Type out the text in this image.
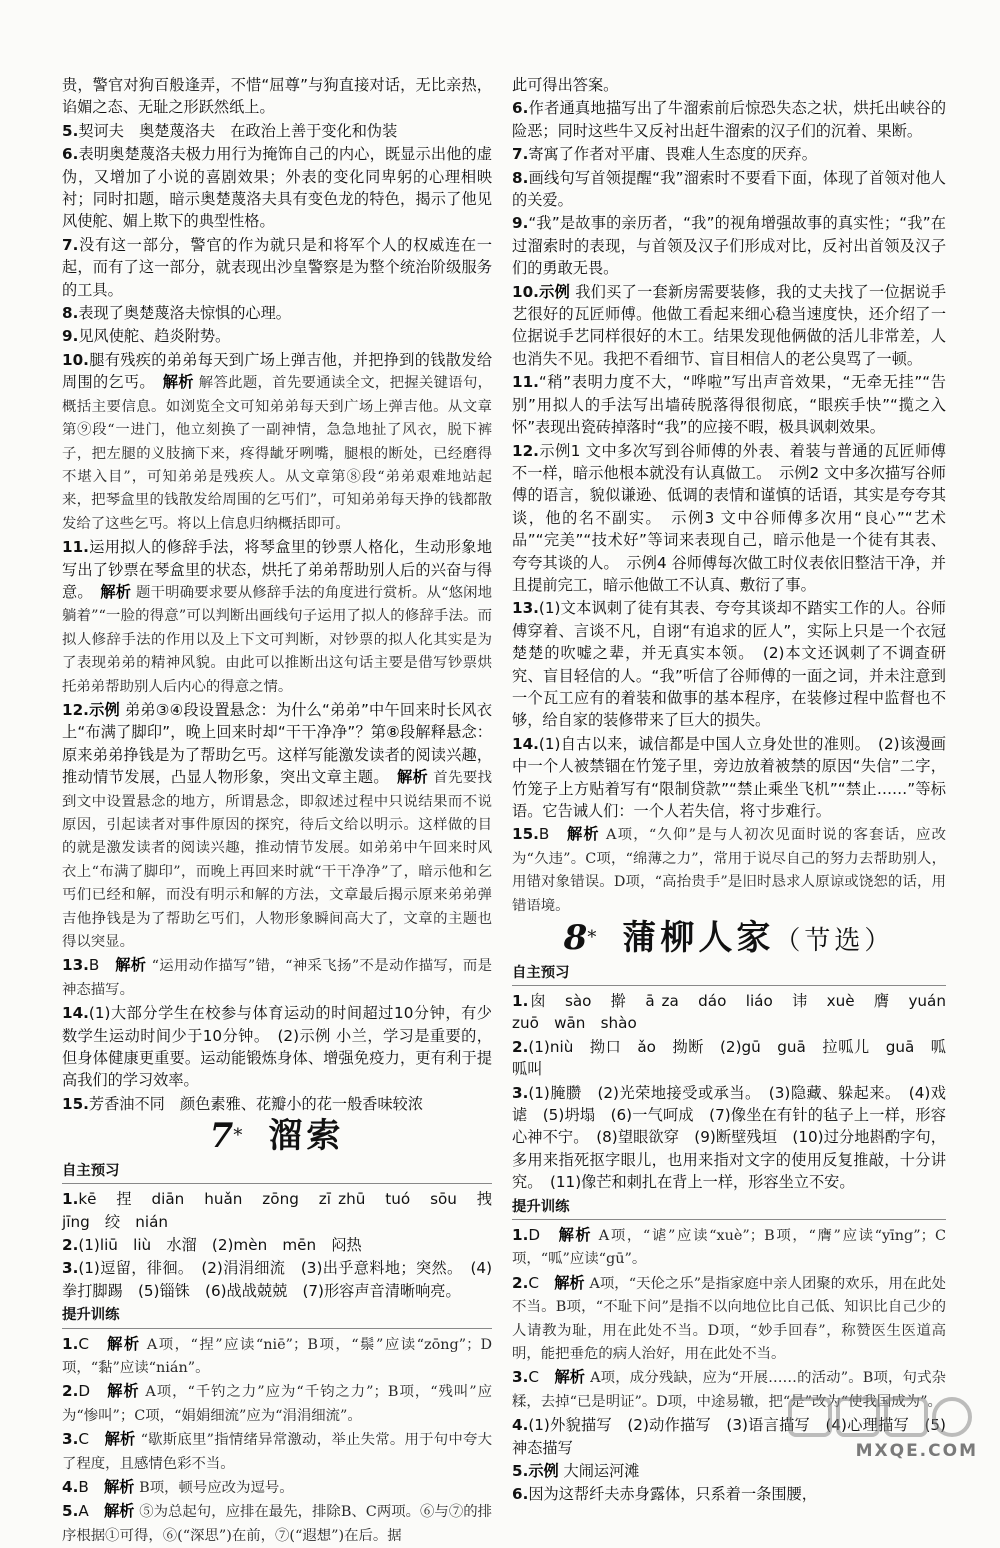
贵，警官对狗百般逢弄，不惜“屈尊”与狗直接对话，无比亲热，谄媚之态、无耻之形跃然纸上。
5.契诃夫　奥楚蔑洛夫　在政治上善于变化和伪装
6.表明奥楚蔑洛夫极力用行为掩饰自己的内心，既显示出他的虚伪，又增加了小说的喜剧效果；外表的变化同卑躬的心理相映衬；同时扣题，暗示奥楚蔑洛夫具有变色龙的特色，揭示了他见风使舵、媚上欺下的典型性格。
7.没有这一部分，警官的作为就只是和将军个人的权威连在一起，而有了这一部分，就表现出沙皇警察是为整个统治阶级服务的工具。
8.表现了奥楚蔑洛夫惊惧的心理。
9.见风使舵、趋炎附势。
10.腿有残疾的弟弟每天到广场上弹吉他，并把挣到的钱散发给周围的乞丐。　 解析 解答此题，首先要通读全文，把握关键语句，概括主要信息。如浏览全文可知弟弟每天到广场上弹吉他。从文章第⑨段“一进门，他立刻换了一副神情，急急地扯了风衣，脱下裤子，把左腿的义肢摘下来，疼得龇牙咧嘴，腿根的断处，已经磨得不堪入目”，可知弟弟是残疾人。从文章第⑧段“弟弟艰难地站起来，把琴盒里的钱散发给周围的乞丐们”，可知弟弟每天挣的钱都散发给了这些乞丐。将以上信息归纳概括即可。
11.运用拟人的修辞手法，将琴盒里的钞票人格化，生动形象地写出了钞票在琴盒里的状态，烘托了弟弟帮助别人后的兴奋与得意。　 解析 题干明确要求要从修辞手法的角度进行赏析。从“悠闲地躺着”“一脸的得意”可以判断出画线句子运用了拟人的修辞手法。而拟人修辞手法的作用以及上下文可判断，对钞票的拟人化其实是为了表现弟弟的精神风貌。由此可以推断出这句话主要是借写钞票烘托弟弟帮助别人后内心的得意之情。
12.示例 弟弟③④段设置悬念：为什么“弟弟”中午回来时长风衣上“布满了脚印”，晚上回来时却“干干净净”？第⑧段解释悬念：原来弟弟挣钱是为了帮助乞丐。这样写能激发读者的阅读兴趣，推动情节发展，凸显人物形象，突出文章主题。　 解析 首先要找到文中设置悬念的地方，所谓悬念，即叙述过程中只说结果而不说原因，引起读者对事件原因的探究，待后文给以明示。这样做的目的就是激发读者的阅读兴趣，推动情节发展。如弟弟中午回来时风衣上“布满了脚印”，而晚上再回来时就“干干净净”了，暗示他和乞丐们已经和解，而没有明示和解的方法，文章最后揭示原来弟弟弹吉他挣钱是为了帮助乞丐们，人物形象瞬间高大了，文章的主题也得以突显。
13.B　 解析 “运用动作描写”错，“神采飞扬”不是动作描写，而是神态描写。
14.(1)大部分学生在校参与体育运动的时间超过10分钟，有少数学生运动时间少于10分钟。　(2)示例 小兰，学习是重要的，但身体健康更重要。运动能锻炼身体、增强免疫力，更有利于提高我们的学习效率。
15.芳香油不同　颜色素雅、花瓣小的花一般香味较浓
7* 溜索
自主预习
1.kē　捏　diān　huǎn　zōng　zī zhū　tuó　sōu　拽　jīng　绞　nián
2.(1)liū　liù　水溜　(2)mèn　mēn　闷热
3.(1)逗留，徘徊。　(2)涓涓细流　(3)出乎意料地；突然。　(4)拳打脚踢　(5)锱铢　(6)战战兢兢　(7)形容声音清晰响亮。
提升训练
1.C　 解析 A项，“捏”应读“niē”；B项，“鬃”应读“zōng”；D项，“黏”应读“nián”。
2.D　 解析 A项，“千钓之力”应为“千钧之力”；B项，“残叫”应为“惨叫”；C项，“娟娟细流”应为“涓涓细流”。
3.C　 解析 “歇斯底里”指情绪异常激动，举止失常。用于句中夸大了程度，且感情色彩不当。
4.B　 解析 B项，顿号应改为逗号。
5.A　 解析 ⑤为总起句，应排在最先，排除B、C两项。⑥与⑦的排序根据①可得，⑥(“深思”)在前，⑦(“遐想”)在后。据
此可得出答案。
6.作者通真地描写出了牛溜索前后惊恐失态之状，烘托出峡谷的险恶；同时这些牛又反衬出赶牛溜索的汉子们的沉着、果断。
7.寄寓了作者对平庸、畏难人生态度的厌弃。
8.画线句写首领提醒“我”溜索时不要看下面，体现了首领对他人的关爱。
9.“我”是故事的亲历者，“我”的视角增强故事的真实性；“我”在过溜索时的表现，与首领及汉子们形成对比，反衬出首领及汉子们的勇敢无畏。
10.示例 我们买了一套新房需要装修，我的丈夫找了一位据说手艺很好的瓦匠师傅。他做工看起来细心稳当速度快，还介绍了一位据说手艺同样很好的木工。结果发现他俩做的活儿非常差，人也消失不见。我把不看细节、盲目相信人的老公臭骂了一顿。
11.“稍”表明力度不大，“哗啦”写出声音效果，“无牵无挂”“告别”用拟人的手法写出墙砖脱落得很彻底，“眼疾手快”“揽之入怀”表现出瓷砖掉落时“我”的应接不暇，极具讽刺效果。
12.示例1 文中多次写到谷师傅的外表、着装与普通的瓦匠师傅不一样，暗示他根本就没有认真做工。　示例2 文中多次描写谷师傅的语言，貌似谦逊、低调的表情和谨慎的话语，其实是夸夸其谈，他的名不副实。　示例3 文中谷师傅多次用“良心”“艺术品”“完美”“技术好”等词来表现自己，暗示他是一个徒有其表、夸夸其谈的人。　示例4 谷师傅每次做工时仪表依旧整洁干净，并且提前完工，暗示他做工不认真、敷衍了事。
13.(1)文本讽刺了徒有其表、夸夸其谈却不踏实工作的人。谷师傅穿着、言谈不凡，自诩“有追求的匠人”，实际上只是一个衣冠楚楚的吹嘘之辈，并无真实本领。　(2)本文还讽刺了不调查研究、盲目轻信的人。“我”听信了谷师傅的一面之词，并未注意到一个瓦工应有的着装和做事的基本程序，在装修过程中监督也不够，给自家的装修带来了巨大的损失。
14.(1)自古以来，诚信都是中国人立身处世的准则。　(2)该漫画中一个人被禁锢在竹笼子里，旁边放着被禁的原因“失信”二字，竹笼子上方贴着写有“限制贷款”“禁止乘坐飞机”“禁止……”等标语。它告诫人们：一个人若失信，将寸步难行。
15.B　 解析 A项，“久仰”是与人初次见面时说的客套话，应改为“久违”。C项，“绵薄之力”，常用于说尽自己的努力去帮助别人，用错对象错误。D项，“高抬贵手”是旧时恳求人原谅或饶恕的话，用错语境。
8* 蒲柳人家（节选）
自主预习
1.囱　sào　擀　ā za　dáo　liáo　讳　xuè　膺　yuán　zuō　wān　shào
2.(1)niù　拗口　ǎo　拗断　(2)gū　guā　拉呱儿　guā　呱呱叫
3.(1)腌臜　(2)光荣地接受或承当。　(3)隐藏、躲起来。　(4)戏谑　(5)坍塌　(6)一气呵成　(7)像坐在有针的毡子上一样，形容心神不宁。　(8)望眼欲穿　(9)断壁残垣　(10)过分地斟酌字句，多用来指死抠字眼儿，也用来指对文字的使用反复推敲，十分讲究。　(11)像芒和刺扎在背上一样，形容坐立不安。
提升训练
1.D　 解析 A项，“谑”应读“xuè”；B项，“膺”应读“yīng”；C项，“呱”应读“gū”。
2.C　 解析 A项，“天伦之乐”是指家庭中亲人团聚的欢乐，用在此处不当。B项，“不耻下问”是指不以向地位比自己低、知识比自己少的人请教为耻，用在此处不当。D项，“妙手回春”，称赞医生医道高明，能把垂危的病人治好，用在此处不当。
3.C　 解析 A项，成分残缺，应为“开展……的活动”。B项，句式杂糅，去掉“已是明证”。D项，中途易辙，把“是”改为“使我国成为”。
4.(1)外貌描写　(2)动作描写　(3)语言描写　(4)心理描写　(5)神态描写
5.示例 大闹运河滩
6.因为这帮纤夫赤身露体，只系着一条围腰，
MXQE.COM
